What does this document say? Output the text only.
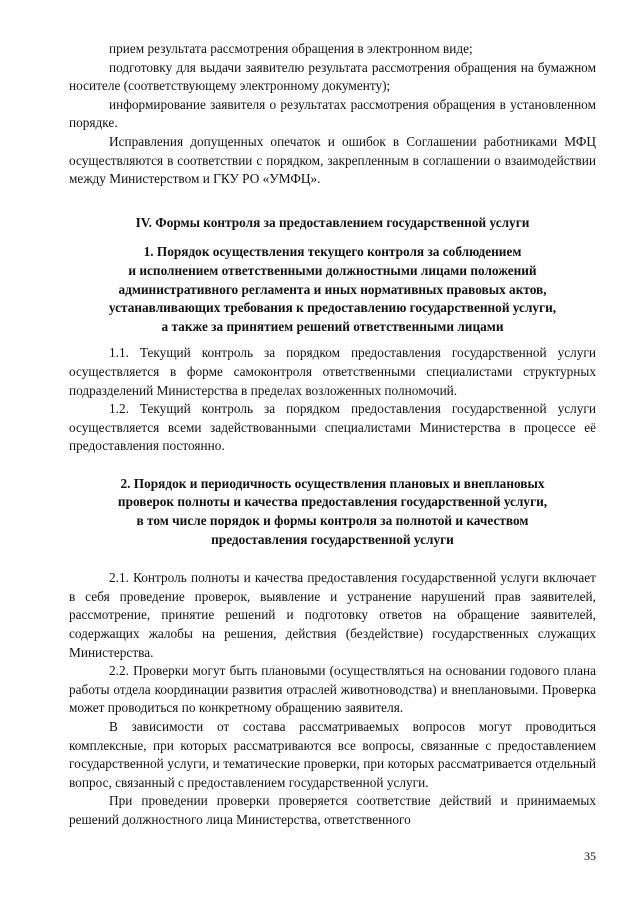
прием результата рассмотрения обращения в электронном виде;

подготовку для выдачи заявителю результата рассмотрения обращения на бумажном носителе (соответствующему электронному документу);

информирование заявителя о результатах рассмотрения обращения в установленном порядке.

Исправления допущенных опечаток и ошибок в Соглашении работниками МФЦ осуществляются в соответствии с порядком, закрепленным в соглашении о взаимодействии между Министерством и ГКУ РО «УМФЦ».

IV. Формы контроля за предоставлением государственной услуги
1. Порядок осуществления текущего контроля за соблюдением
и исполнением ответственными должностными лицами положений
административного регламента и иных нормативных правовых актов,
устанавливающих требования к предоставлению государственной услуги,
а также за принятием решений ответственными лицами

1.1. Текущий контроль за порядком предоставления государственной услуги осуществляется в форме самоконтроля ответственными специалистами структурных подразделений Министерства в пределах возложенных полномочий.

1.2. Текущий контроль за порядком предоставления государственной услуги осуществляется всеми задействованными специалистами Министерства в процессе её предоставления постоянно.

2. Порядок и периодичность осуществления плановых и внеплановых
проверок полноты и качества предоставления государственной услуги,
в том числе порядок и формы контроля за полнотой и качеством
предоставления государственной услуги

2.1. Контроль полноты и качества предоставления государственной услуги включает в себя проведение проверок, выявление и устранение нарушений прав заявителей, рассмотрение, принятие решений и подготовку ответов на обращение заявителей, содержащих жалобы на решения, действия (бездействие) государственных служащих Министерства.

2.2. Проверки могут быть плановыми (осуществляться на основании годового плана работы отдела координации развития отраслей животноводства) и внеплановыми. Проверка может проводиться по конкретному обращению заявителя.

В зависимости от состава рассматриваемых вопросов могут проводиться комплексные, при которых рассматриваются все вопросы, связанные с предоставлением государственной услуги, и тематические проверки, при которых рассматривается отдельный вопрос, связанный с предоставлением государственной услуги.

При проведении проверки проверяется соответствие действий и принимаемых решений должностного лица Министерства, ответственного

35
